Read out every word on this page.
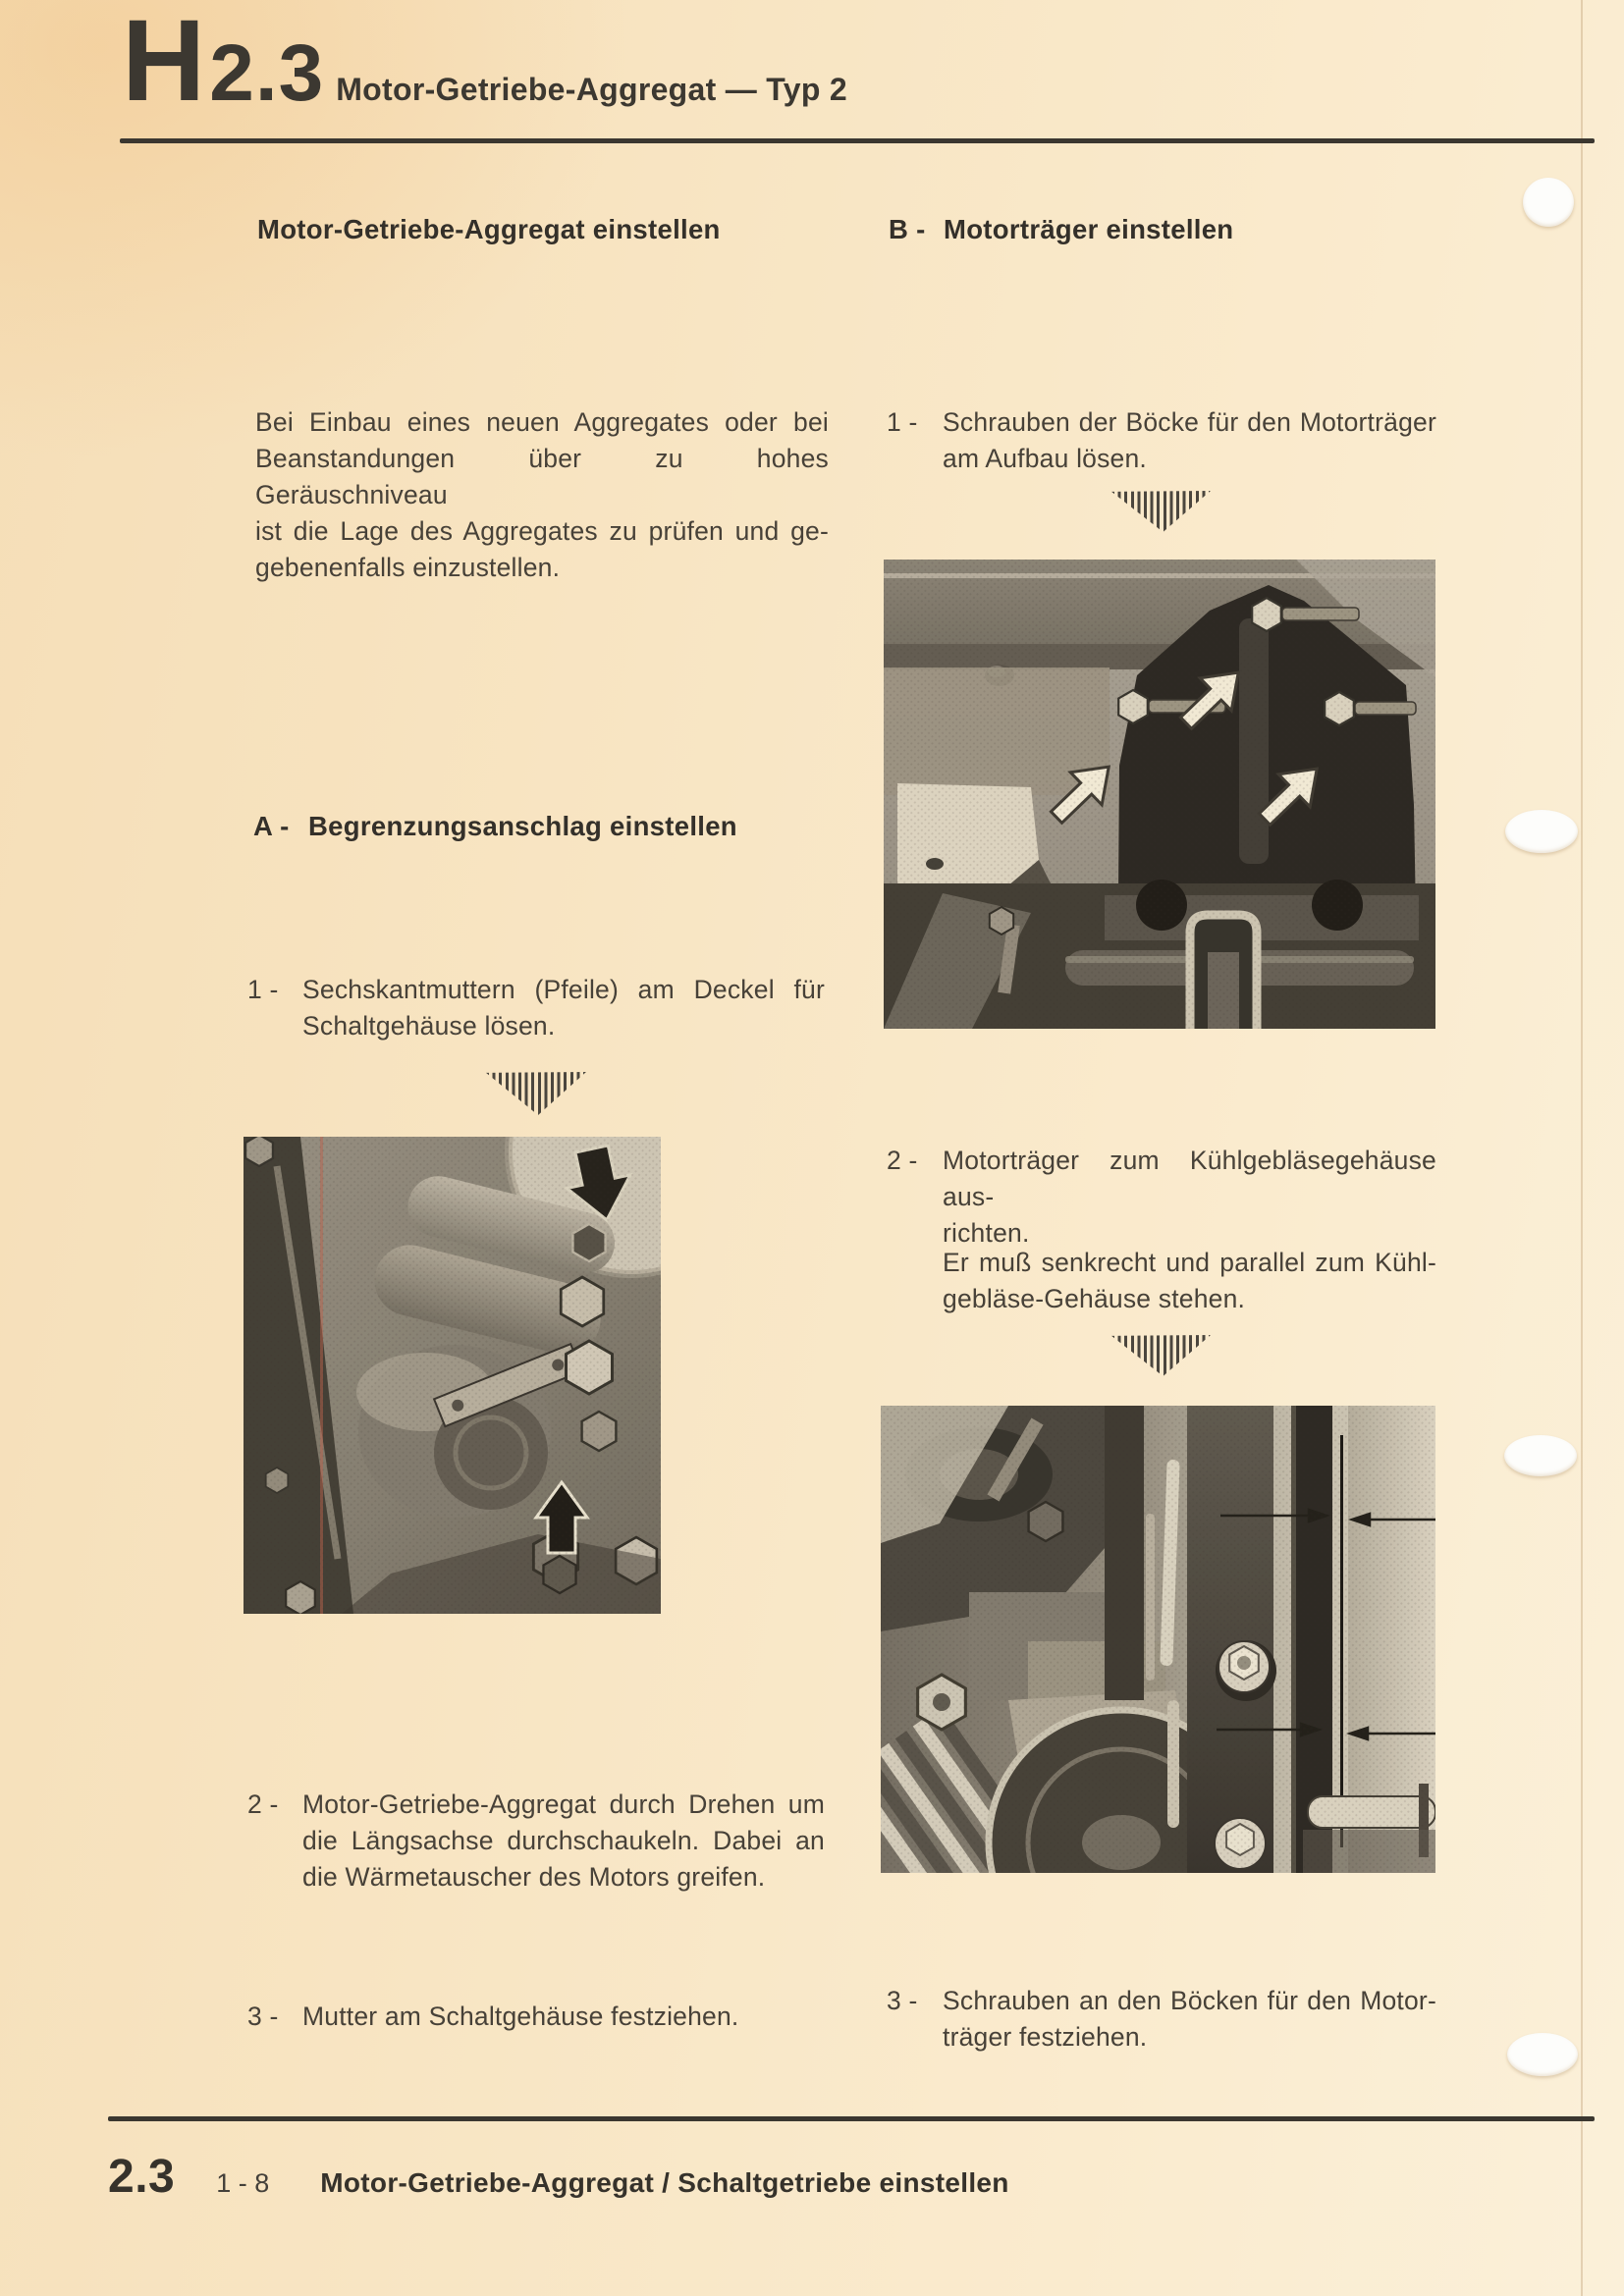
H 2.3 Motor-Getriebe-Aggregat — Typ 2
Motor-Getriebe-Aggregat einstellen
Bei Einbau eines neuen Aggregates oder bei
Beanstandungen über zu hohes Geräuschniveau
ist die Lage des Aggregates zu prüfen und ge-
gebenenfalls einzustellen.
A - Begrenzungsanschlag einstellen
1 - Sechskantmuttern (Pfeile) am Deckel für
Schaltgehäuse lösen.
2 - Motor-Getriebe-Aggregat durch Drehen um
die Längsachse durchschaukeln. Dabei an
die Wärmetauscher des Motors greifen.
3 - Mutter am Schaltgehäuse festziehen.
B - Motorträger einstellen
1 - Schrauben der Böcke für den Motorträger
am Aufbau lösen.
2 - Motorträger zum Kühlgebläsegehäuse aus-
richten.
Er muß senkrecht und parallel zum Kühl-
gebläse-Gehäuse stehen.
3 - Schrauben an den Böcken für den Motor-
träger festziehen.
2.3 1 - 8 Motor-Getriebe-Aggregat / Schaltgetriebe einstellen
